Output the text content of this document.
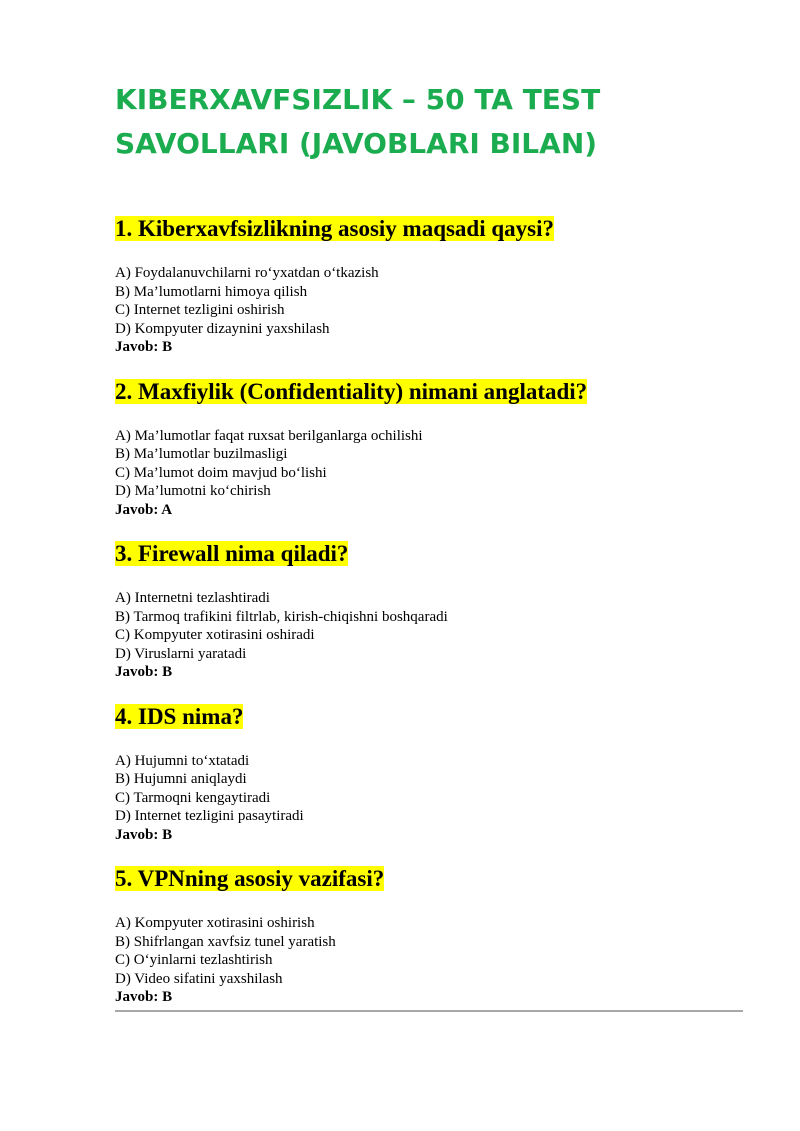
KIBERXAVFSIZLIK – 50 TA TEST SAVOLLARI (JAVOBLARI BILAN)
1. Kiberxavfsizlikning asosiy maqsadi qaysi?
A) Foydalanuvchilarni ro‘yxatdan o‘tkazish
B) Ma’lumotlarni himoya qilish
C) Internet tezligini oshirish
D) Kompyuter dizaynini yaxshilash
Javob: B
2. Maxfiylik (Confidentiality) nimani anglatadi?
A) Ma’lumotlar faqat ruxsat berilganlarga ochilishi
B) Ma’lumotlar buzilmasligi
C) Ma’lumot doim mavjud bo‘lishi
D) Ma’lumotni ko‘chirish
Javob: A
3. Firewall nima qiladi?
A) Internetni tezlashtiradi
B) Tarmoq trafikini filtrlab, kirish-chiqishni boshqaradi
C) Kompyuter xotirasini oshiradi
D) Viruslarni yaratadi
Javob: B
4. IDS nima?
A) Hujumni to‘xtatadi
B) Hujumni aniqlaydi
C) Tarmoqni kengaytiradi
D) Internet tezligini pasaytiradi
Javob: B
5. VPNning asosiy vazifasi?
A) Kompyuter xotirasini oshirish
B) Shifrlangan xavfsiz tunel yaratish
C) O‘yinlarni tezlashtirish
D) Video sifatini yaxshilash
Javob: B
